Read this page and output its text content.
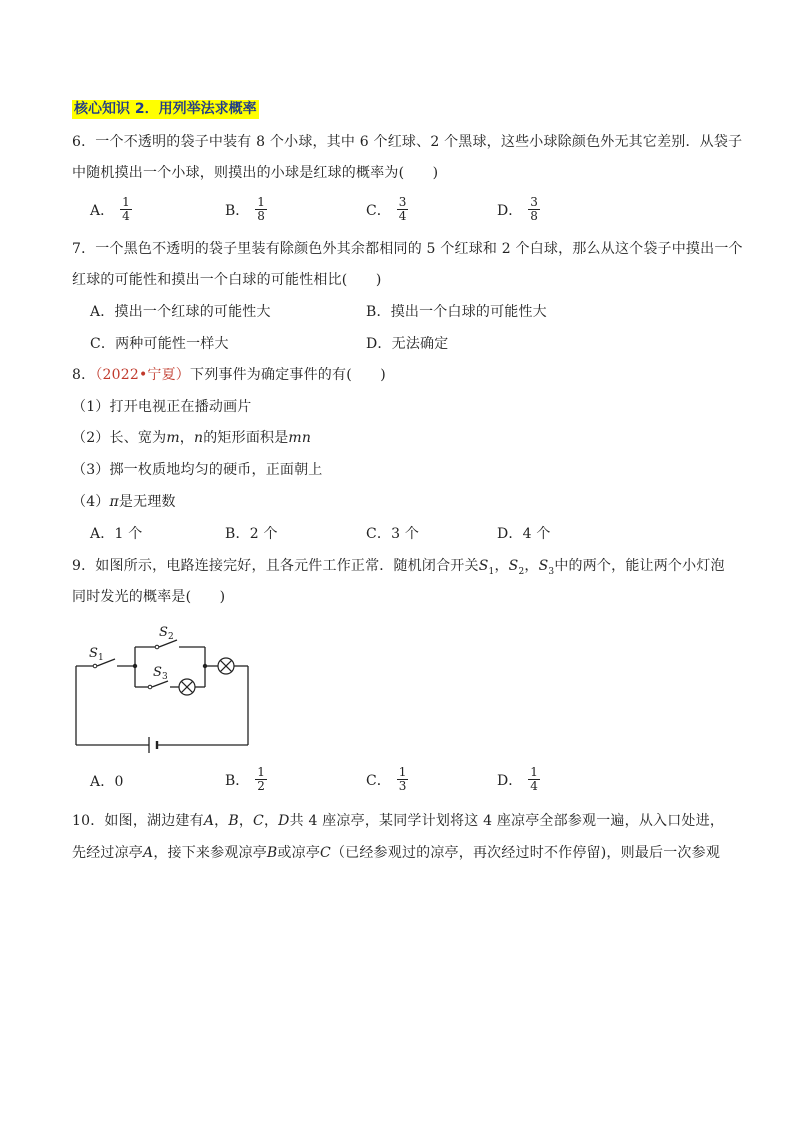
核心知识 2．用列举法求概率
6．一个不透明的袋子中装有 8 个小球，其中 6 个红球、2 个黑球，这些小球除颜色外无其它差别．从袋子
中随机摸出一个小球，则摸出的小球是红球的概率为(　　)
A． $\frac{1}{4}$	B． $\frac{1}{8}$	C． $\frac{3}{4}$	D． $\frac{3}{8}$
7．一个黑色不透明的袋子里装有除颜色外其余都相同的 5 个红球和 2 个白球，那么从这个袋子中摸出一个
红球的可能性和摸出一个白球的可能性相比(　　)
A．摸出一个红球的可能性大	B．摸出一个白球的可能性大
C．两种可能性一样大	D．无法确定
8．（2022•宁夏）下列事件为确定事件的有(　　)
（1）打开电视正在播动画片
（2）长、宽为m，n的矩形面积是mn
（3）掷一枚质地均匀的硬币，正面朝上
（4）π是无理数
A．1 个	B．2 个	C．3 个	D．4 个
9．如图所示，电路连接完好，且各元件工作正常．随机闭合开关$S_1$，$S_2$，$S_3$中的两个，能让两个小灯泡
同时发光的概率是(　　)
S 1
S 2
S 3
A．0	B． $\frac{1}{2}$	C． $\frac{1}{3}$	D． $\frac{1}{4}$
10．如图，湖边建有A，B，C，D共 4 座凉亭，某同学计划将这 4 座凉亭全部参观一遍，从入口处进，
先经过凉亭A，接下来参观凉亭B或凉亭C（已经参观过的凉亭，再次经过时不作停留)，则最后一次参观
